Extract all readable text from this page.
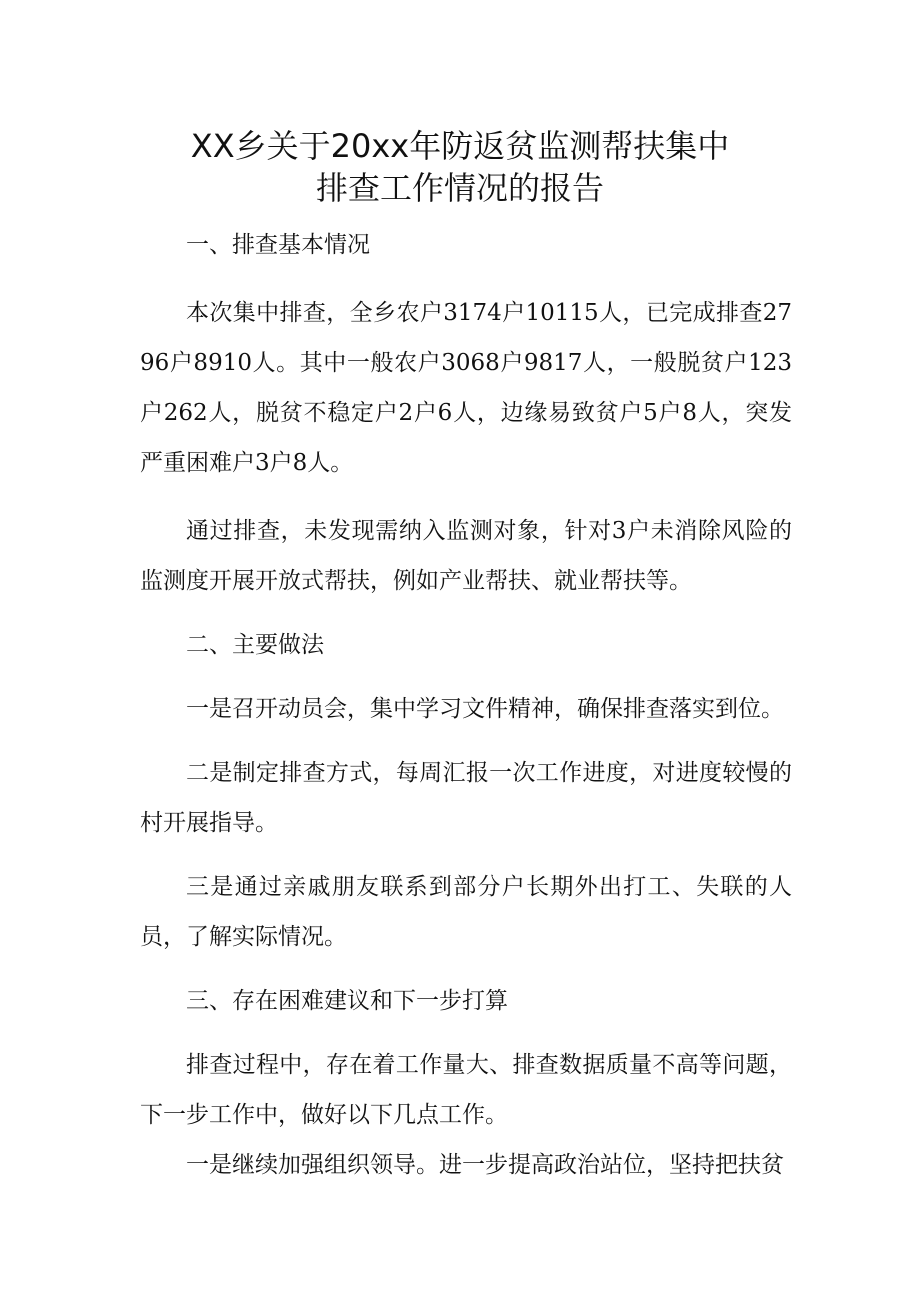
XX乡关于20xx年防返贫监测帮扶集中
排查工作情况的报告

一、排查基本情况

本次集中排查，全乡农户3174户10115人，已完成排查2796户8910人。其中一般农户3068户9817人，一般脱贫户123户262人，脱贫不稳定户2户6人，边缘易致贫户5户8人，突发严重困难户3户8人。

通过排查，未发现需纳入监测对象，针对3户未消除风险的监测度开展开放式帮扶，例如产业帮扶、就业帮扶等。

二、主要做法

一是召开动员会，集中学习文件精神，确保排查落实到位。

二是制定排查方式，每周汇报一次工作进度，对进度较慢的村开展指导。

三是通过亲戚朋友联系到部分户长期外出打工、失联的人员，了解实际情况。

三、存在困难建议和下一步打算

排查过程中，存在着工作量大、排查数据质量不高等问题，下一步工作中，做好以下几点工作。

一是继续加强组织领导。进一步提高政治站位，坚持把扶贫
